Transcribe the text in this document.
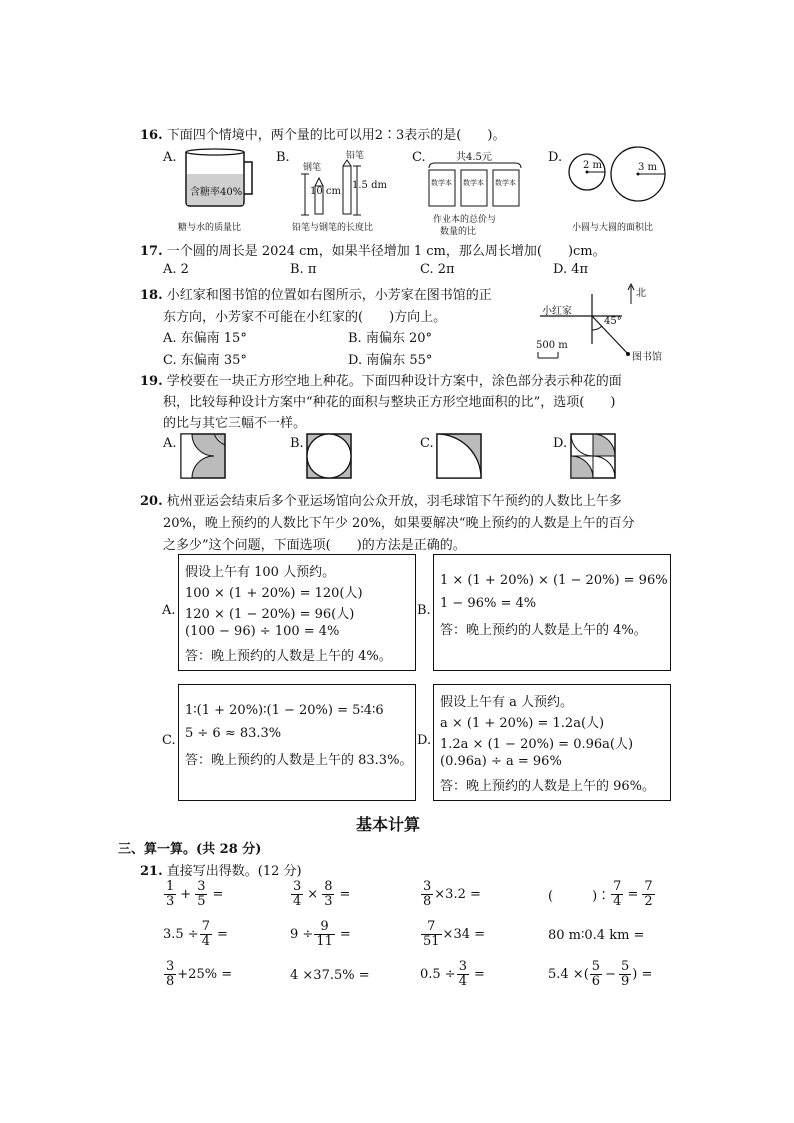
16. 下面四个情境中，两个量的比可以用2∶3表示的是(　　)。
A.
含糖率40%
糖与水的质量比
B.
钢笔
铅笔
10 cm
1.5 dm
铅笔与钢笔的长度比
C.	共4.5元
数学本 数学本 数学本
作业本的总价与
数量的比
D.
2 m	3 m
小圆与大圆的面积比
17. 一个圆的周长是 2024 cm，如果半径增加 1 cm，那么周长增加(　　)cm。
A. 2	B. π	C. 2π	D. 4π
18. 小红家和图书馆的位置如右图所示，小芳家在图书馆的正
东方向，小芳家不可能在小红家的(　　)方向上。
A. 东偏南 15°	B. 南偏东 20°
C. 东偏南 35°	D. 南偏东 55°
小红家
北
45°
图书馆
500 m
19. 学校要在一块正方形空地上种花。下面四种设计方案中，涂色部分表示种花的面
积，比较每种设计方案中“种花的面积与整块正方形空地面积的比”，选项(　　)
的比与其它三幅不一样。
A.	B.	C.	D.
20. 杭州亚运会结束后多个亚运场馆向公众开放，羽毛球馆下午预约的人数比上午多
20%，晚上预约的人数比下午少 20%，如果要解决“晚上预约的人数是上午的百分
之多少”这个问题，下面选项(　　)的方法是正确的。
A.
假设上午有 100 人预约。
100 × (1 + 20%) = 120(人)
120 × (1 − 20%) = 96(人)
(100 − 96) ÷ 100 = 4%
答：晚上预约的人数是上午的 4%。
B.
1 × (1 + 20%) × (1 − 20%) = 96%
1 − 96% = 4%
答：晚上预约的人数是上午的 4%。
C.
1∶(1 + 20%)∶(1 − 20%) = 5∶4∶6
5 ÷ 6 ≈ 83.3%
答：晚上预约的人数是上午的 83.3%。
D.
假设上午有 a 人预约。
a × (1 + 20%) = 1.2a(人)
1.2a × (1 − 20%) = 0.96a(人)
(0.96a) ÷ a = 96%
答：晚上预约的人数是上午的 96%。
基本计算
三、算一算。(共 28 分)
21. 直接写出得数。(12 分)
$\frac{1}{3} + \frac{3}{5}$ =	$\frac{3}{4} \times \frac{8}{3}$ =	$\frac{3}{8} \times 3.2$ =	(　　　)∶ $\frac{7}{4} = \frac{7}{2}$
$3.5 \div \frac{7}{4}$ =	$9 \div \frac{9}{11}$ =	$\frac{7}{51} \times 34$ =	80 m∶0.4 km =
$\frac{3}{8} +25\%$ =	4 ×37.5% =	$0.5 \div \frac{3}{4}$ =	5.4 ×( $\frac{5}{6} - \frac{5}{9}$ ) =
